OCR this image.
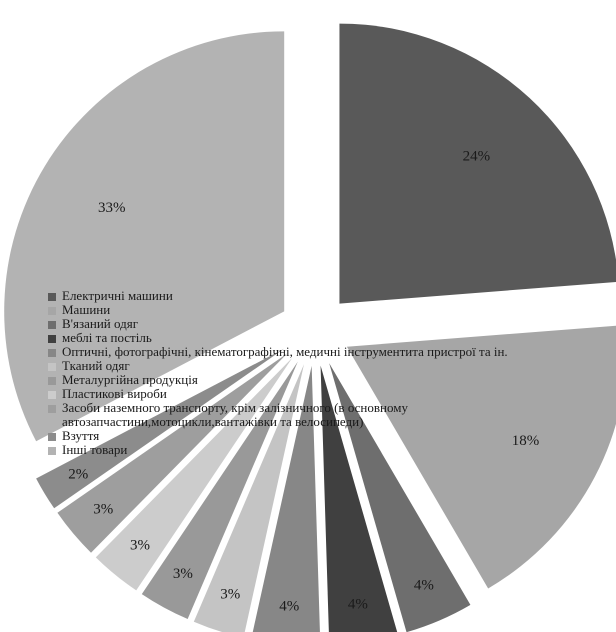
24%
18%
4%
4%
4%
3%
3%
3%
3%
2%
33%
Електричні машини
Машини
В'язаний одяг
меблі та постіль
Оптичні, фотографічні, кінематографічні, медичні інструментита пристрої та ін.
Тканий одяг
Металургійна продукція
Пластикові вироби
Засоби наземного транспорту, крім залізничного (в основному автозапчастини,мотоцикли,вантажівки та велосипеди)
Взуття
Інші товари
